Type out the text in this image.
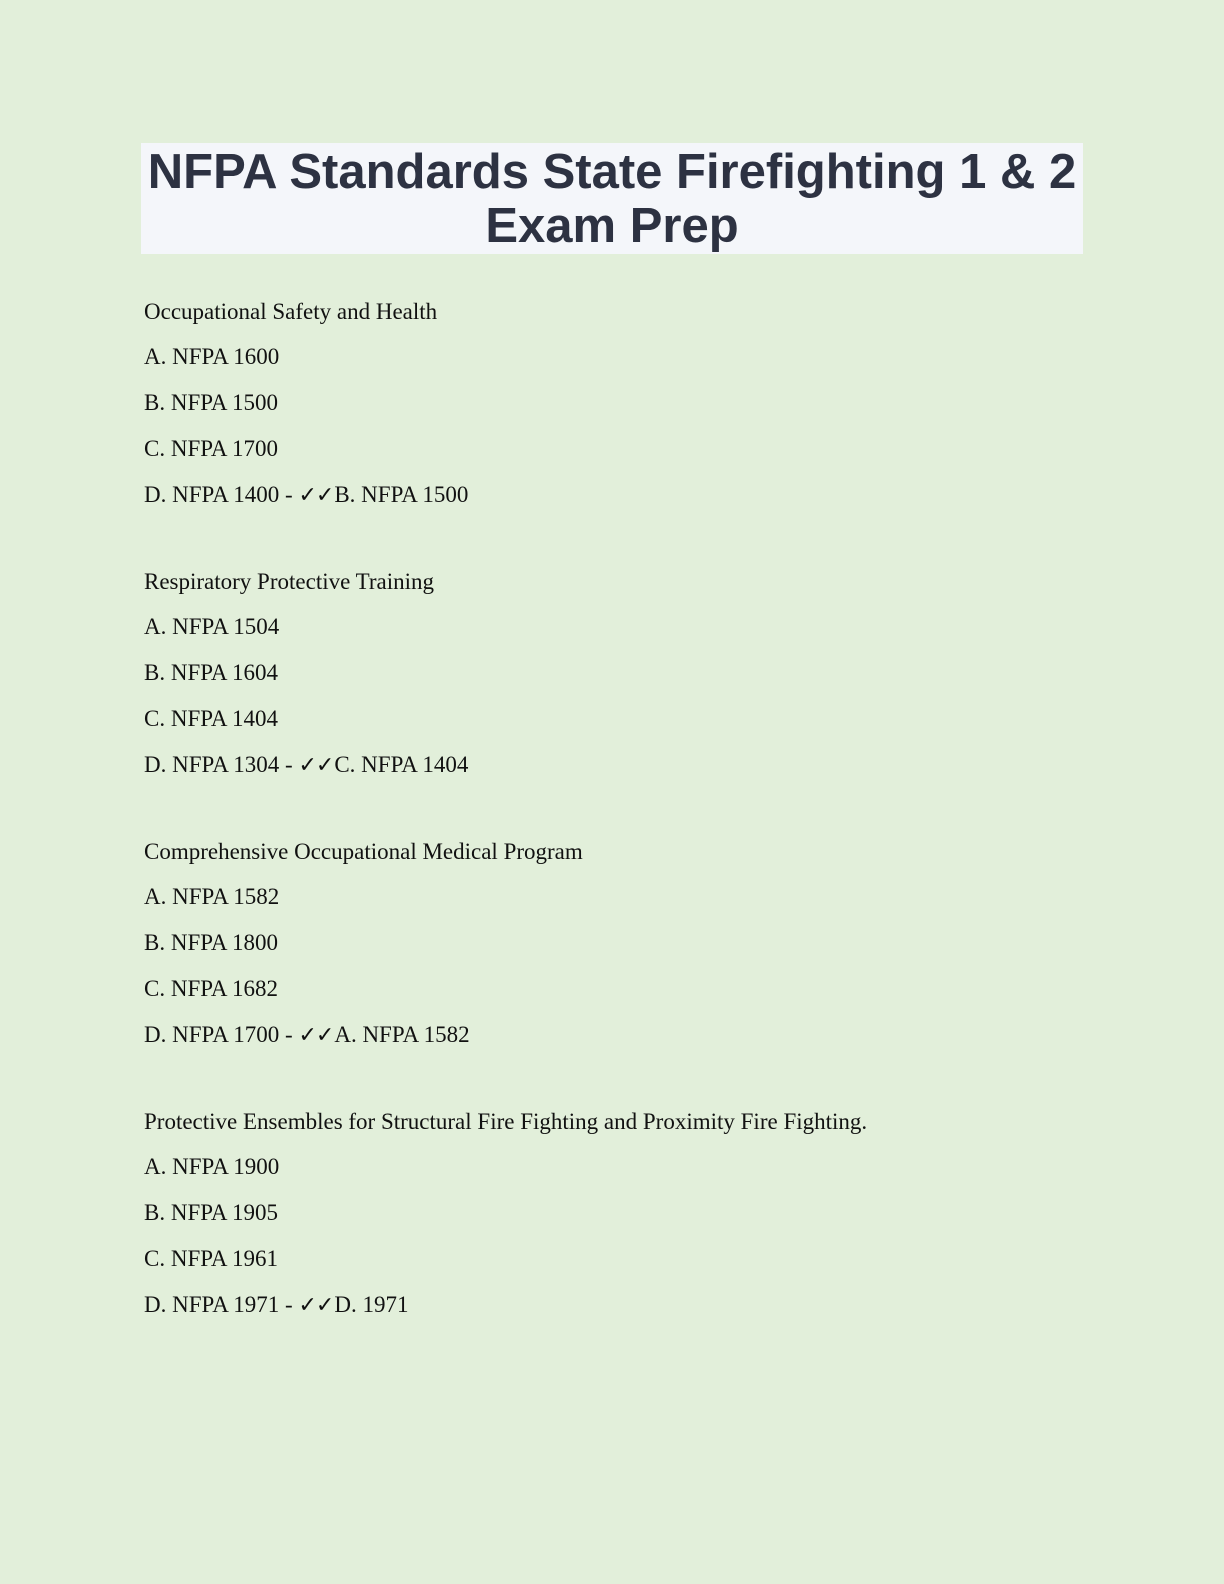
NFPA Standards State Firefighting 1 & 2 Exam Prep
Occupational Safety and Health
A. NFPA 1600
B. NFPA 1500
C. NFPA 1700
D. NFPA 1400 - ✓✓B. NFPA 1500
Respiratory Protective Training
A. NFPA 1504
B. NFPA 1604
C. NFPA 1404
D. NFPA 1304 - ✓✓C. NFPA 1404
Comprehensive Occupational Medical Program
A. NFPA 1582
B. NFPA 1800
C. NFPA 1682
D. NFPA 1700 - ✓✓A. NFPA 1582
Protective Ensembles for Structural Fire Fighting and Proximity Fire Fighting.
A. NFPA 1900
B. NFPA 1905
C. NFPA 1961
D. NFPA 1971 - ✓✓D. 1971
